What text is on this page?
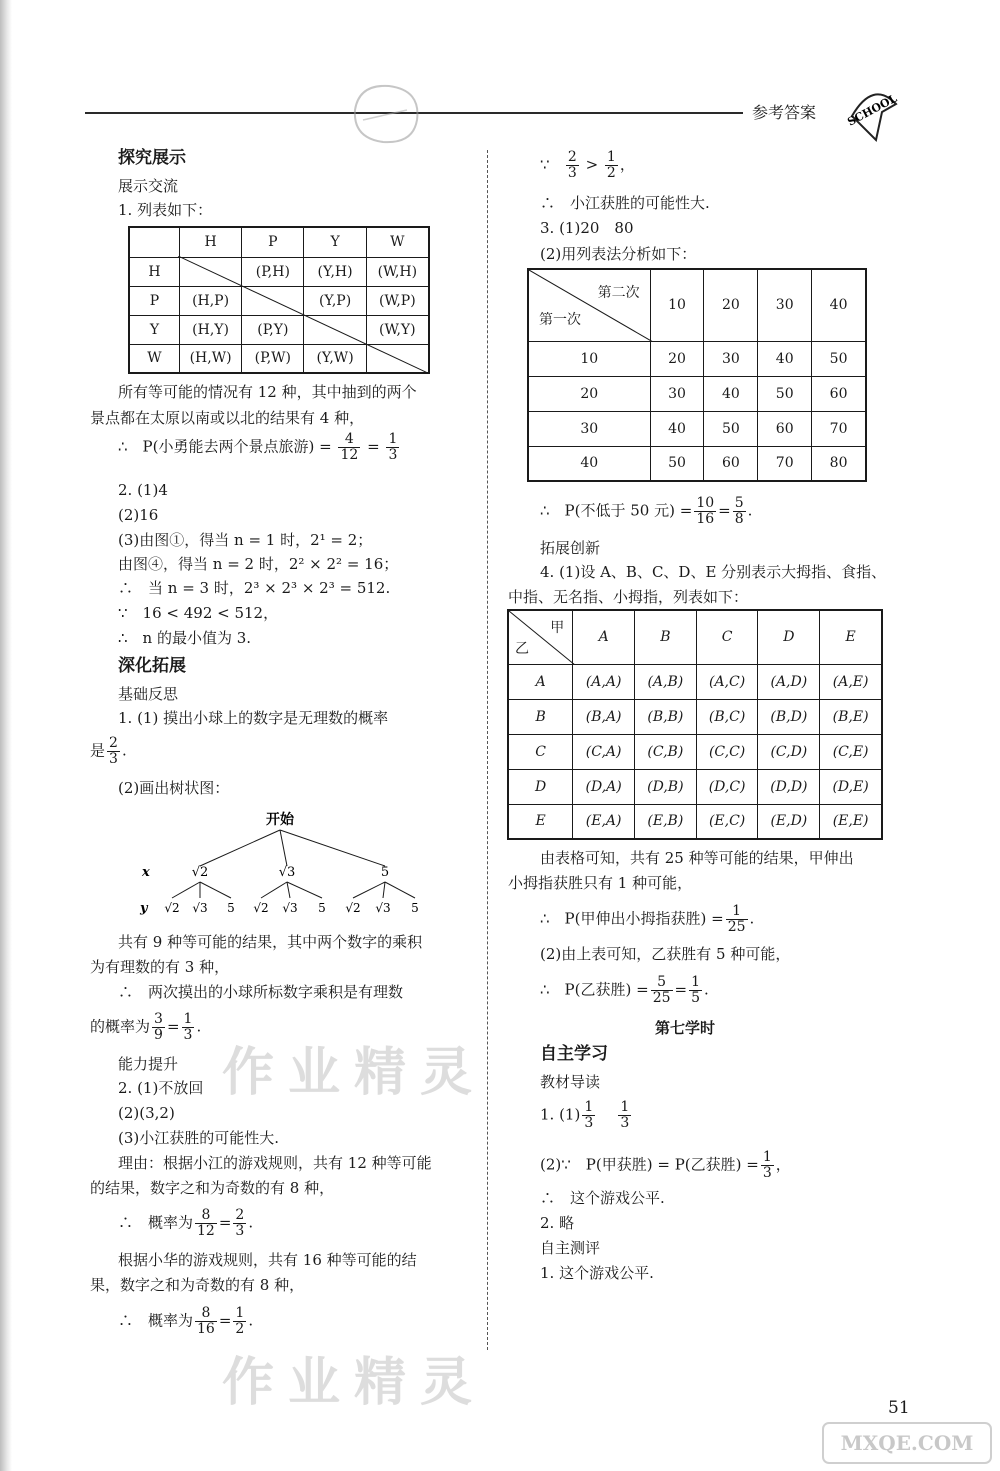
参考答案	SCHOOL
探究展示
展示交流
1. 列表如下：
	H	P	Y	W
H		(P,H)	(Y,H)	(W,H)
P	(H,P)		(Y,P)	(W,P)
Y	(H,Y)	(P,Y)		(W,Y)
W	(H,W)	(P,W)	(Y,W)	
所有等可能的情况有 12 种，其中抽到的两个
景点都在太原以南或以北的结果有 4 种，
∴　P(小勇能去两个景点旅游) = $\frac{4}{12} = \frac{1}{3}$
2. (1)4
(2)16
(3)由图①，得当 n = 1 时，2¹ = 2；
由图④，得当 n = 2 时，2² × 2² = 16；
∴　当 n = 3 时，2³ × 2³ × 2³ = 512.
∵　16 < 492 < 512，
∴　n 的最小值为 3.
深化拓展
基础反思
1. (1) 摸出小球上的数字是无理数的概率
是 $\frac{2}{3}$ .
(2)画出树状图：
开始
x	√2	√3	5
y √2 √3 5 √2 √3 5 √2 √3 5
共有 9 种等可能的结果，其中两个数字的乘积
为有理数的有 3 种，
∴　两次摸出的小球所标数字乘积是有理数
的概率为 $\frac{3}{9} = \frac{1}{3}$ .
能力提升
2. (1)不放回
(2)(3,2)
(3)小江获胜的可能性大.
理由：根据小江的游戏规则，共有 12 种等可能
的结果，数字之和为奇数的有 8 种，
∴　概率为 $\frac{8}{12} = \frac{2}{3}$ .
根据小华的游戏规则，共有 16 种等可能的结
果，数字之和为奇数的有 8 种，
∴　概率为 $\frac{8}{16} = \frac{1}{2}$ .
作业精灵
作业精灵
∵ $\frac{2}{3} > \frac{1}{2}$ ，
∴　小江获胜的可能性大.
3. (1)20　80
(2)用列表法分析如下：
第二次
第一次	10	20	30	40
10	20	30	40	50
20	30	40	50	60
30	40	50	60	70
40	50	60	70	80
∴　P(不低于 50 元) = $\frac{10}{16} = \frac{5}{8}$ .
拓展创新
4. (1)设 A、B、C、D、E 分别表示大拇指、食指、
中指、无名指、小拇指，列表如下：
甲
乙	A	B	C	D	E
A	(A,A)	(A,B)	(A,C)	(A,D)	(A,E)
B	(B,A)	(B,B)	(B,C)	(B,D)	(B,E)
C	(C,A)	(C,B)	(C,C)	(C,D)	(C,E)
D	(D,A)	(D,B)	(D,C)	(D,D)	(D,E)
E	(E,A)	(E,B)	(E,C)	(E,D)	(E,E)
由表格可知，共有 25 种等可能的结果，甲伸出
小拇指获胜只有 1 种可能，
∴　P(甲伸出小拇指获胜) = $\frac{1}{25}$ .
(2)由上表可知，乙获胜有 5 种可能，
∴　P(乙获胜) = $\frac{5}{25} = \frac{1}{5}$ .
第七学时
自主学习
教材导读
1. $(1) \frac{1}{3}$
$\frac{1}{3}$
(2)∵　P(甲获胜) = P(乙获胜) = $\frac{1}{3}$ ，
∴　这个游戏公平.
2. 略
自主测评
1. 这个游戏公平.
51
MXQE.COM
